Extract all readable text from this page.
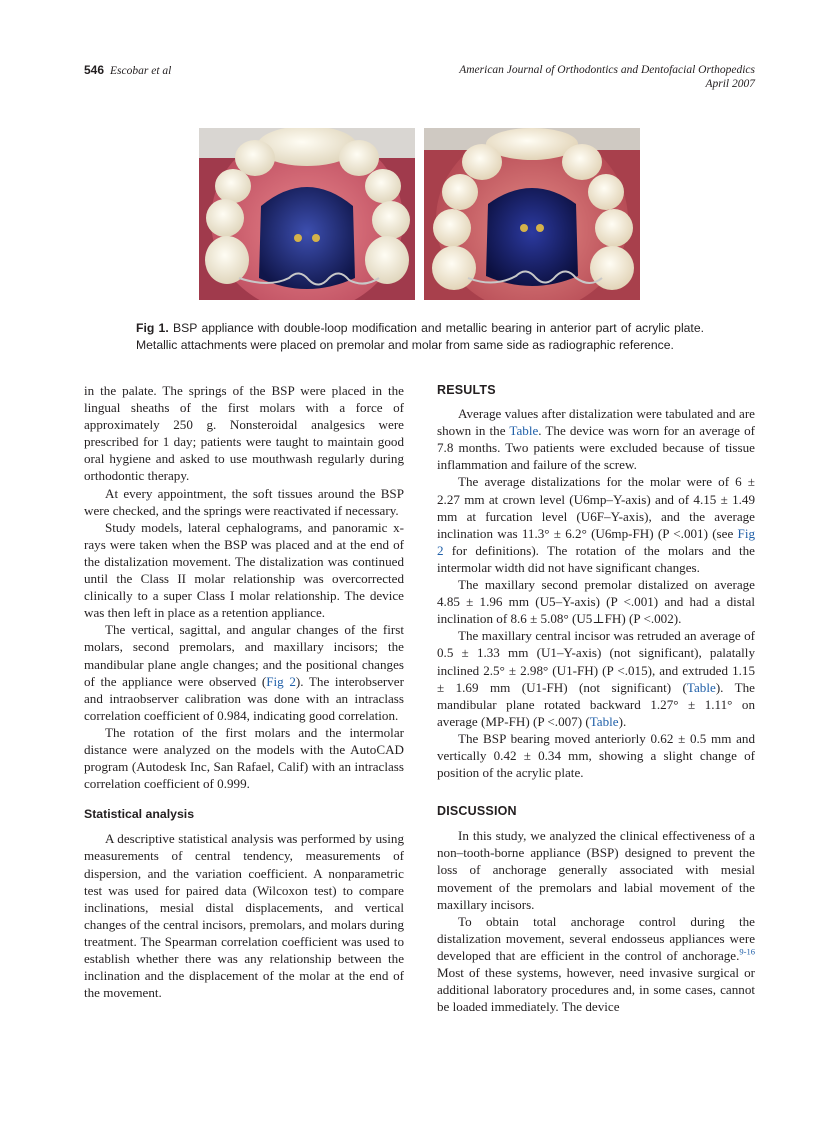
546 Escobar et al	American Journal of Orthodontics and Dentofacial Orthopedics
April 2007
Fig 1. BSP appliance with double-loop modification and metallic bearing in anterior part of acrylic plate. Metallic attachments were placed on premolar and molar from same side as radiographic reference.

in the palate. The springs of the BSP were placed in the lingual sheaths of the first molars with a force of approximately 250 g. Nonsteroidal analgesics were prescribed for 1 day; patients were taught to maintain good oral hygiene and asked to use mouthwash regularly during orthodontic therapy.

At every appointment, the soft tissues around the BSP were checked, and the springs were reactivated if necessary.

Study models, lateral cephalograms, and panoramic x-rays were taken when the BSP was placed and at the end of the distalization movement. The distalization was continued until the Class II molar relationship was overcorrected clinically to a super Class I molar relationship. The device was then left in place as a retention appliance.

The vertical, sagittal, and angular changes of the first molars, second premolars, and maxillary incisors; the mandibular plane angle changes; and the positional changes of the appliance were observed (Fig 2). The interobserver and intraobserver calibration was done with an intraclass correlation coefficient of 0.984, indicating good correlation.

The rotation of the first molars and the intermolar distance were analyzed on the models with the AutoCAD program (Autodesk Inc, San Rafael, Calif) with an intraclass correlation coefficient of 0.999.

Statistical analysis

A descriptive statistical analysis was performed by using measurements of central tendency, measurements of dispersion, and the variation coefficient. A nonparametric test was used for paired data (Wilcoxon test) to compare inclinations, mesial distal displacements, and vertical changes of the central incisors, premolars, and molars during treatment. The Spearman correlation coefficient was used to establish whether there was any relationship between the inclination and the displacement of the molar at the end of the movement.

RESULTS

Average values after distalization were tabulated and are shown in the Table. The device was worn for an average of 7.8 months. Two patients were excluded because of tissue inflammation and failure of the screw.

The average distalizations for the molar were of 6 ± 2.27 mm at crown level (U6mp–Y-axis) and of 4.15 ± 1.49 mm at furcation level (U6F–Y-axis), and the average inclination was 11.3° ± 6.2° (U6mp-FH) (P <.001) (see Fig 2 for definitions). The rotation of the molars and the intermolar width did not have significant changes.

The maxillary second premolar distalized on average 4.85 ± 1.96 mm (U5–Y-axis) (P <.001) and had a distal inclination of 8.6 ± 5.08° (U5⊥FH) (P <.002).

The maxillary central incisor was retruded an average of 0.5 ± 1.33 mm (U1–Y-axis) (not significant), palatally inclined 2.5° ± 2.98° (U1-FH) (P <.015), and extruded 1.15 ± 1.69 mm (U1-FH) (not significant) (Table). The mandibular plane rotated backward 1.27° ± 1.11° on average (MP-FH) (P <.007) (Table).

The BSP bearing moved anteriorly 0.62 ± 0.5 mm and vertically 0.42 ± 0.34 mm, showing a slight change of position of the acrylic plate.

DISCUSSION

In this study, we analyzed the clinical effectiveness of a non–tooth-borne appliance (BSP) designed to prevent the loss of anchorage generally associated with mesial movement of the premolars and labial movement of the maxillary incisors.

To obtain total anchorage control during the distalization movement, several endosseus appliances were developed that are efficient in the control of anchorage.$^{9-16}$ Most of these systems, however, need invasive surgical or additional laboratory procedures and, in some cases, cannot be loaded immediately. The device
